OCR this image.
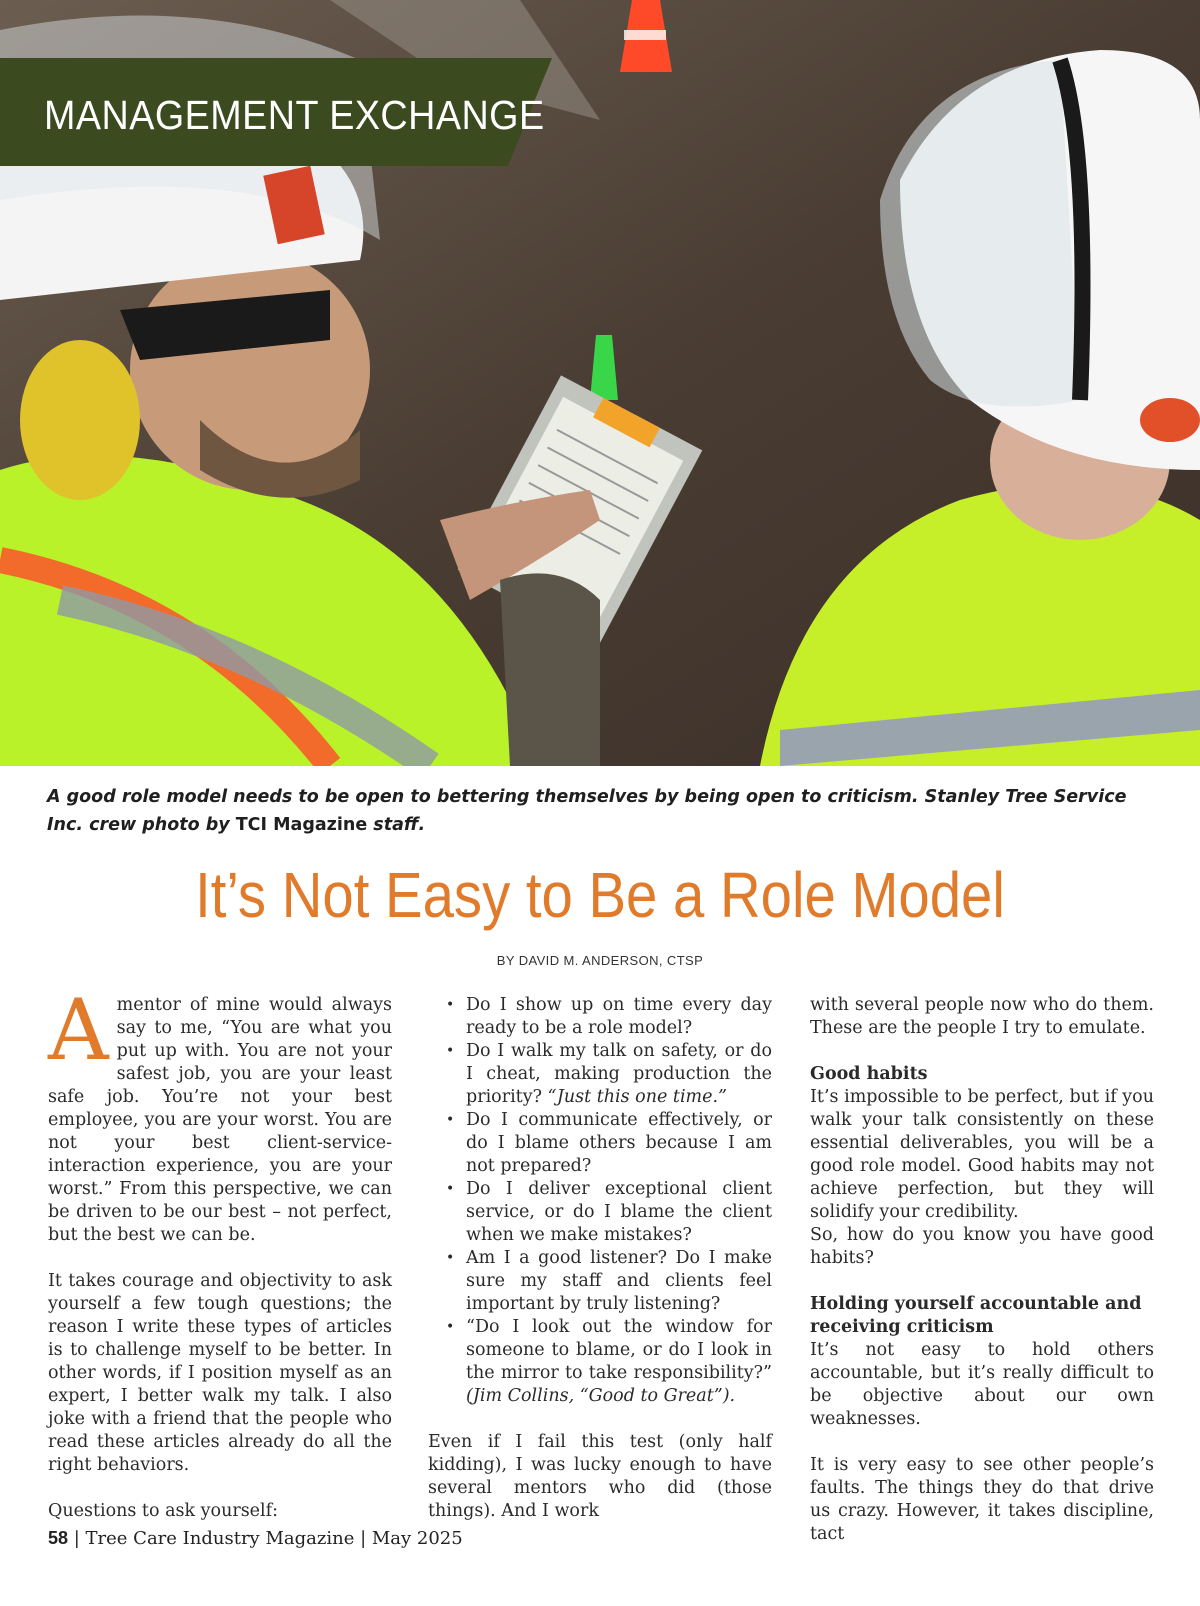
MANAGEMENT EXCHANGE
A good role model needs to be open to bettering themselves by being open to criticism. Stanley Tree Service Inc. crew photo by TCI Magazine staff.
It’s Not Easy to Be a Role Model
BY DAVID M. ANDERSON, CTSP

Amentor of mine would always say to me, “You are what you put up with. You are not your safest job, you are your least safe job. You’re not your best employee, you are your worst. You are not your best client-service-interaction experience, you are your worst.” From this perspective, we can be driven to be our best – not perfect, but the best we can be.

It takes courage and objectivity to ask yourself a few tough questions; the reason I write these types of articles is to challenge myself to be better. In other words, if I position myself as an expert, I better walk my talk. I also joke with a friend that the people who read these articles already do all the right behaviors.

Questions to ask yourself:

• Do I show up on time every day ready to be a role model?
• Do I walk my talk on safety, or do I cheat, making production the priority? “Just this one time.”
• Do I communicate effectively, or do I blame others because I am not prepared?
• Do I deliver exceptional client service, or do I blame the client when we make mistakes?
• Am I a good listener? Do I make sure my staff and clients feel important by truly listening?
• “Do I look out the window for someone to blame, or do I look in the mirror to take responsibility?” (Jim Collins, “Good to Great”).

Even if I fail this test (only half kidding), I was lucky enough to have several mentors who did (those things). And I work

with several people now who do them. These are the people I try to emulate.

Good habits

It’s impossible to be perfect, but if you walk your talk consistently on these essential deliverables, you will be a good role model. Good habits may not achieve perfection, but they will solidify your credibility.

So, how do you know you have good habits?

Holding yourself accountable and receiving criticism

It’s not easy to hold others accountable, but it’s really difficult to be objective about our own weaknesses.

It is very easy to see other people’s faults. The things they do that drive us crazy. However, it takes discipline, tact

58 | Tree Care Industry Magazine | May 2025
